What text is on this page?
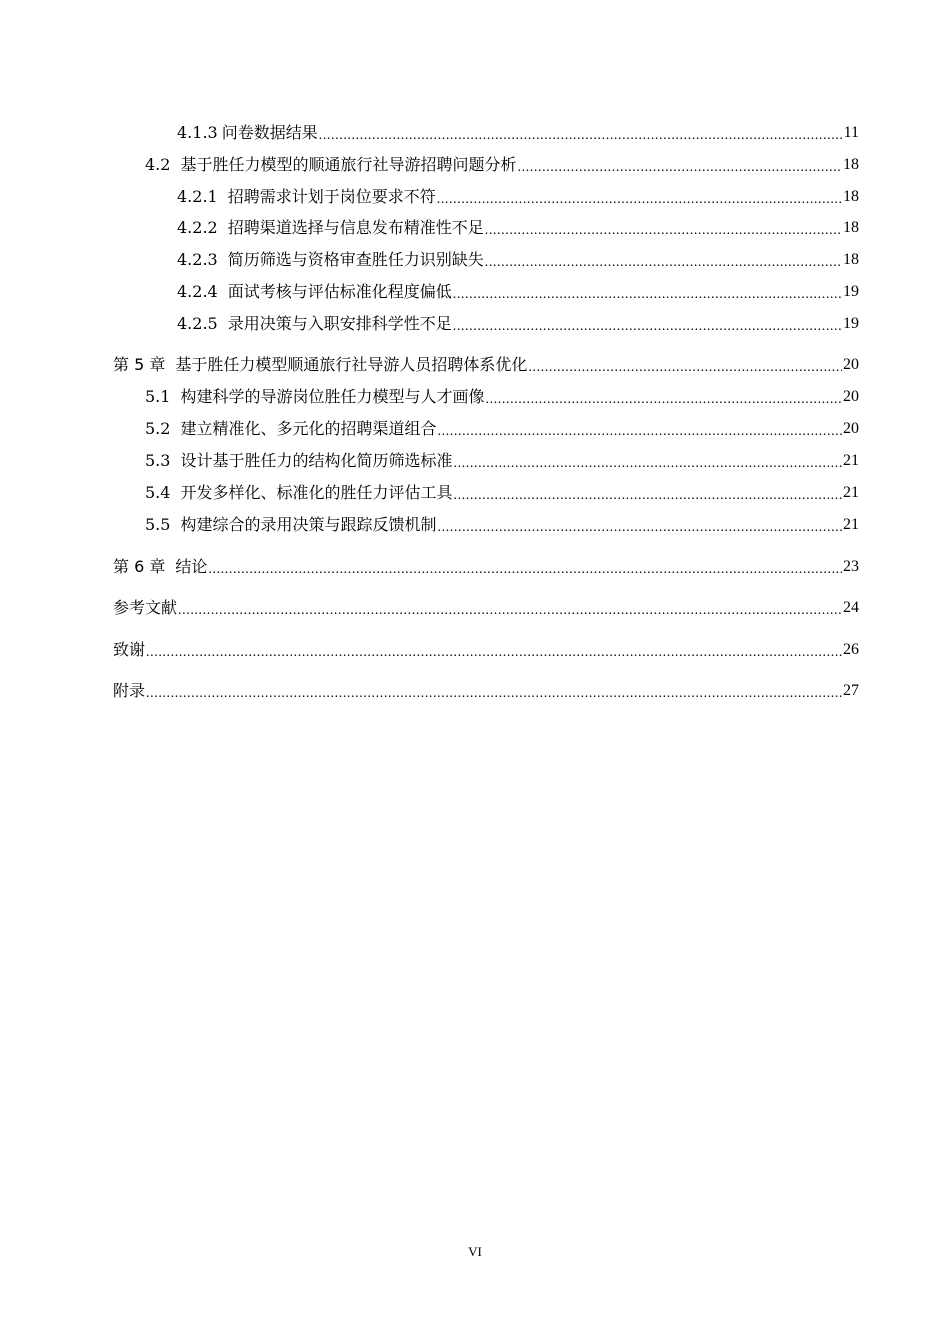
4.1.3 问卷数据结果 .....	11
4.2 基于胜任力模型的顺通旅行社导游招聘问题分析 .....	18
4.2.1 招聘需求计划于岗位要求不符 .....	18
4.2.2 招聘渠道选择与信息发布精准性不足 .....	18
4.2.3 简历筛选与资格审查胜任力识别缺失 .....	18
4.2.4 面试考核与评估标准化程度偏低 .....	19
4.2.5 录用决策与入职安排科学性不足 .....	19
第 5 章 基于胜任力模型顺通旅行社导游人员招聘体系优化 .....	20
5.1 构建科学的导游岗位胜任力模型与人才画像 .....	20
5.2 建立精准化、多元化的招聘渠道组合 .....	20
5.3 设计基于胜任力的结构化简历筛选标准 .....	21
5.4 开发多样化、标准化的胜任力评估工具 .....	21
5.5 构建综合的录用决策与跟踪反馈机制 .....	21
第 6 章 结论 .....	23
参考文献 .....	24
致谢 .....	26
附录 .....	27
VI
